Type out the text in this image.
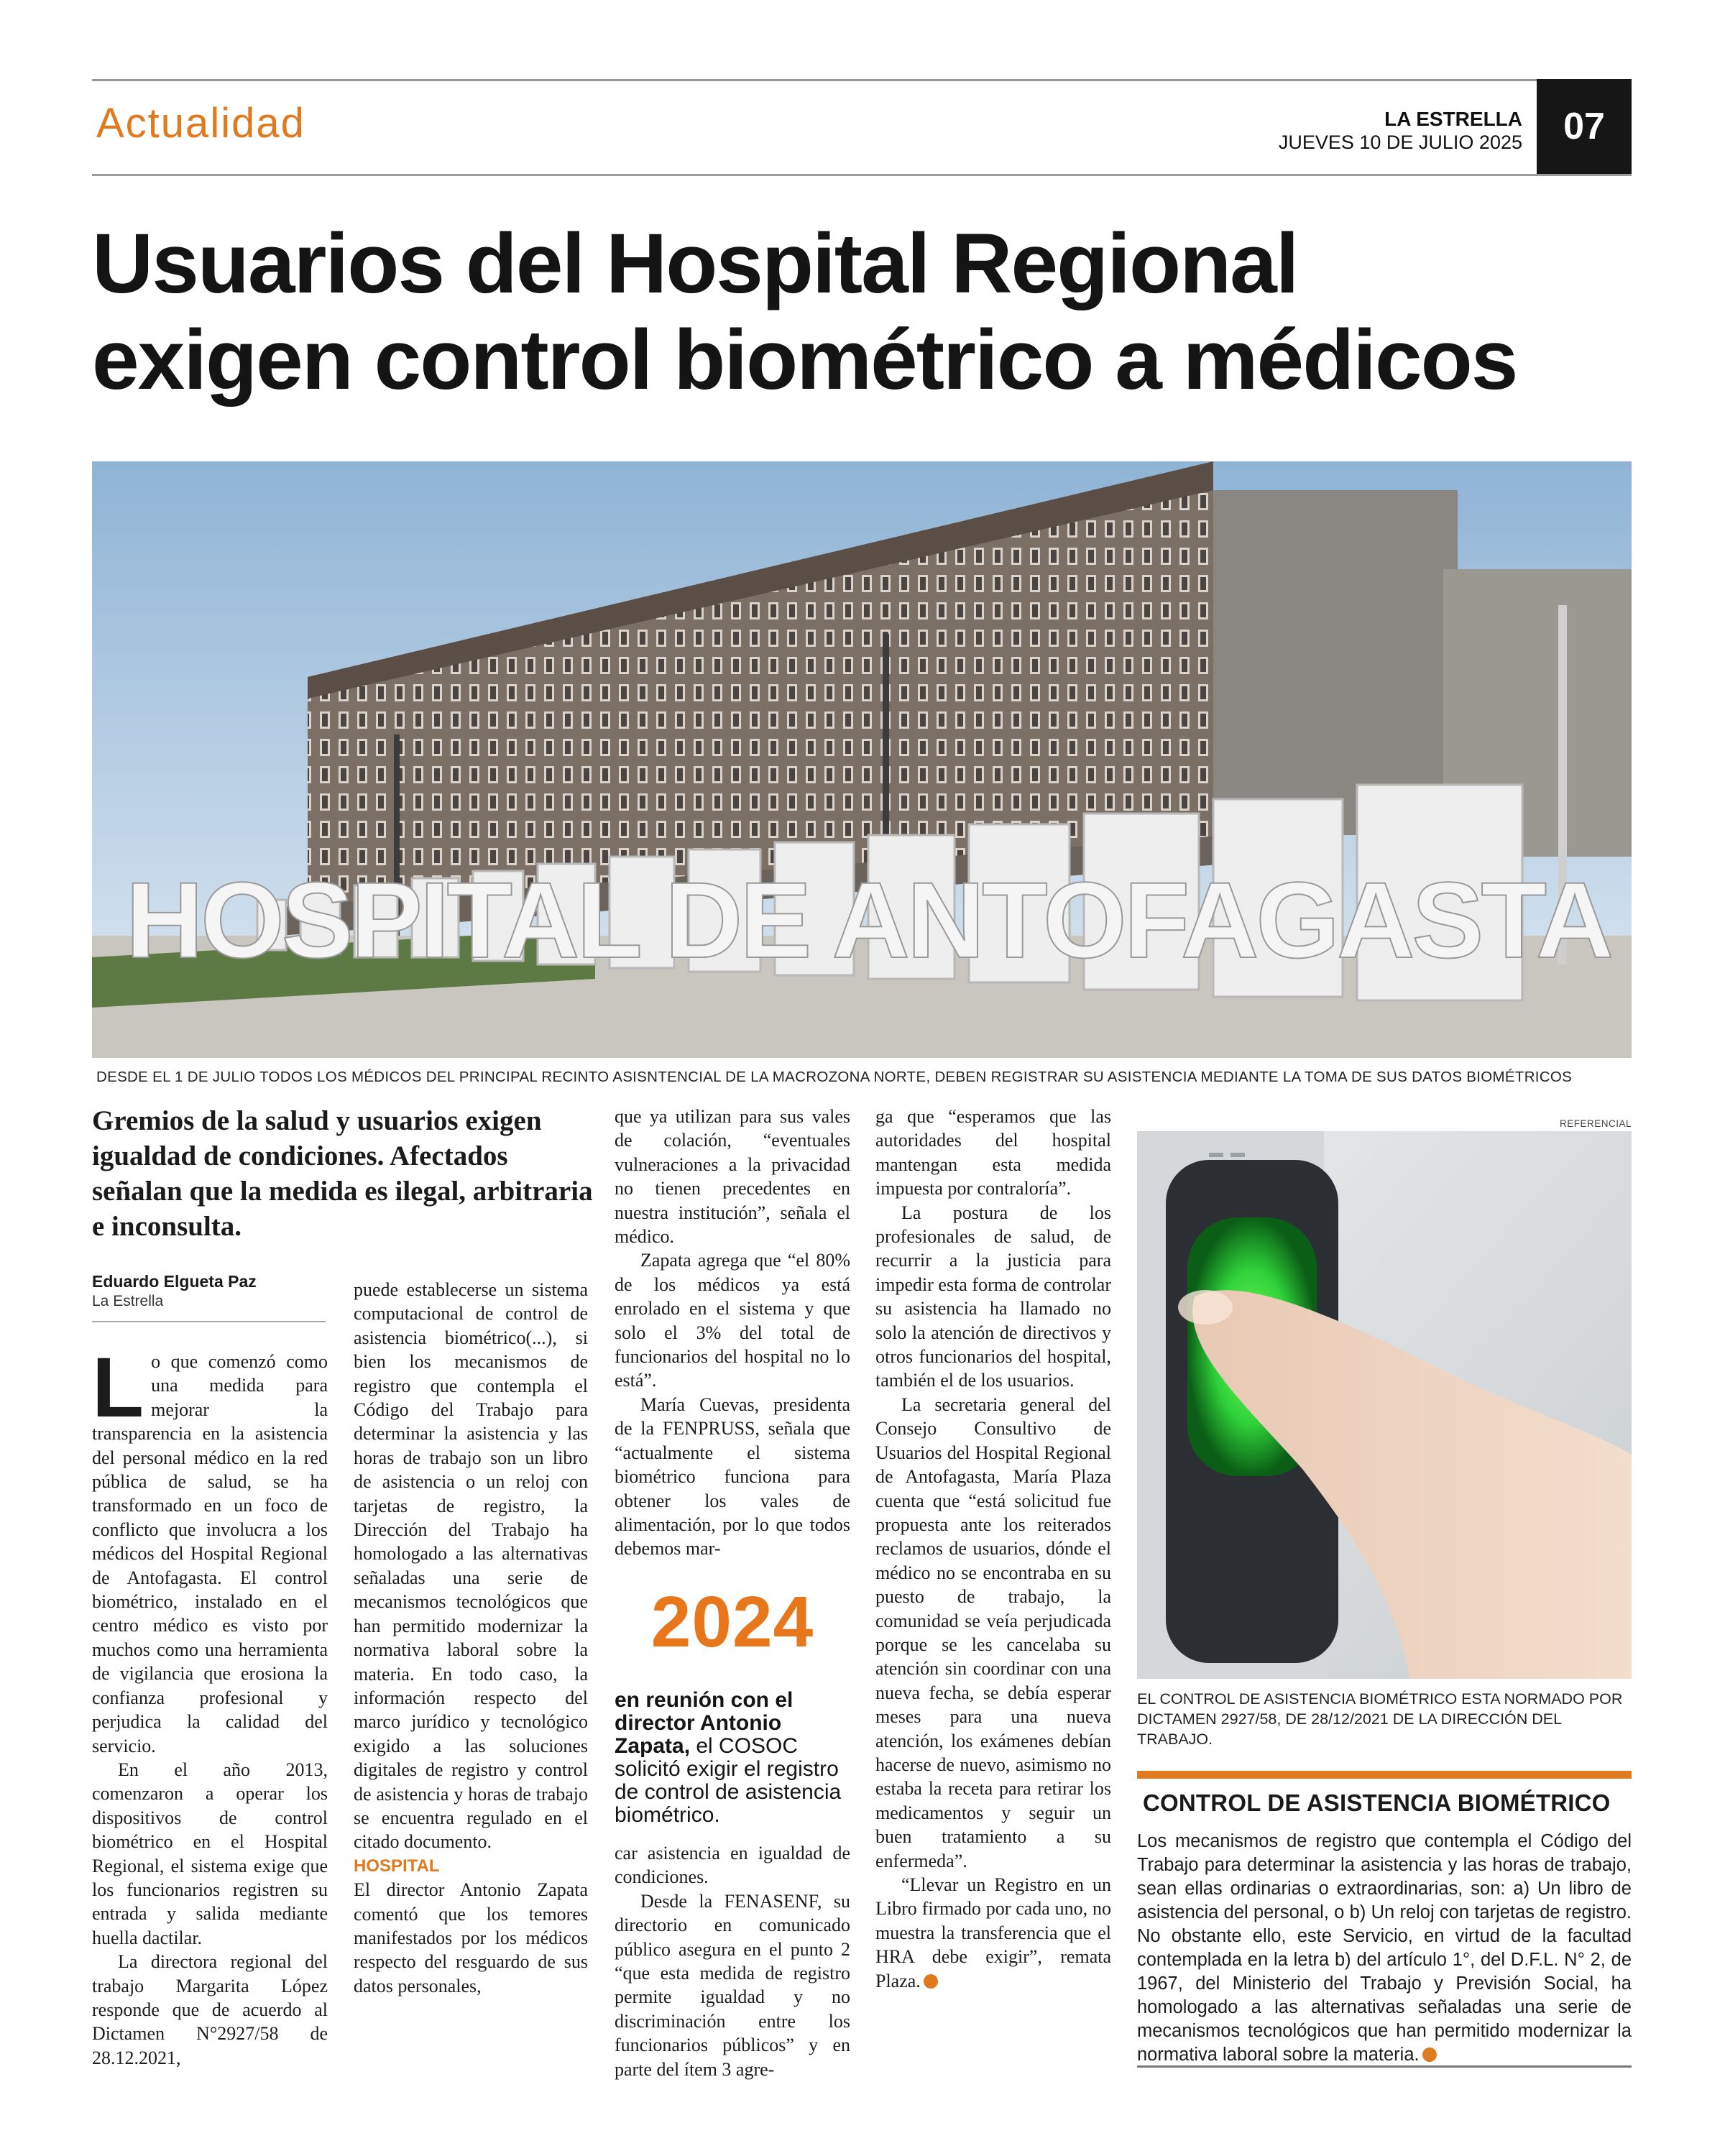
Actualidad	LA ESTRELLA
JUEVES 10 DE JULIO 2025	07
Usuarios del Hospital Regional
exigen control biométrico a médicos
HOSPITAL DE ANTOFAGASTA
DESDE EL 1 DE JULIO TODOS LOS MÉDICOS DEL PRINCIPAL RECINTO ASISNTENCIAL DE LA MACROZONA NORTE, DEBEN REGISTRAR SU ASISTENCIA MEDIANTE LA TOMA DE SUS DATOS BIOMÉTRICOS
Gremios de la salud y usuarios exigen igualdad de condiciones. Afectados señalan que la medida es ilegal, arbitraria e inconsulta.
Eduardo Elgueta Paz
La Estrella

Lo que comenzó como una medida para mejorar la transparencia en la asistencia del personal médico en la red pública de salud, se ha transformado en un foco de conflicto que involucra a los médicos del Hospital Regional de Antofagasta. El control biométrico, instalado en el centro médico es visto por muchos como una herramienta de vigilancia que erosiona la confianza profesional y perjudica la calidad del servicio.

En el año 2013, comenzaron a operar los dispositivos de control biométrico en el Hospital Regional, el sistema exige que los funcionarios registren su entrada y salida mediante huella dactilar.

La directora regional del trabajo Margarita López responde que de acuerdo al Dictamen N°2927/58 de 28.12.2021,

puede establecerse un sistema computacional de control de asistencia biométrico(...), si bien los mecanismos de registro que contempla el Código del Trabajo para determinar la asistencia y las horas de trabajo son un libro de asistencia o un reloj con tarjetas de registro, la Dirección del Trabajo ha homologado a las alternativas señaladas una serie de mecanismos tecnológicos que han permitido modernizar la normativa laboral sobre la materia. En todo caso, la información respecto del marco jurídico y tecnológico exigido a las soluciones digitales de registro y control de asistencia y horas de trabajo se encuentra regulado en el citado documento.

HOSPITAL

El director Antonio Zapata comentó que los temores manifestados por los médicos respecto del resguardo de sus datos personales,

que ya utilizan para sus vales de colación, “eventuales vulneraciones a la privacidad no tienen precedentes en nuestra institución”, señala el médico.

Zapata agrega que “el 80% de los médicos ya está enrolado en el sistema y que solo el 3% del total de funcionarios del hospital no lo está”.

María Cuevas, presidenta de la FENPRUSS, señala que “actualmente el sistema biométrico funciona para obtener los vales de alimentación, por lo que todos debemos mar-

2024
en reunión con el director Antonio Zapata, el COSOC solicitó exigir el registro de control de asistencia biométrico.

car asistencia en igualdad de condiciones.

Desde la FENASENF, su directorio en comunicado público asegura en el punto 2 “que esta medida de registro permite igualdad y no discriminación entre los funcionarios públicos” y en parte del ítem 3 agre-

ga que “esperamos que las autoridades del hospital mantengan esta medida impuesta por contraloría”.

La postura de los profesionales de salud, de recurrir a la justicia para impedir esta forma de controlar su asistencia ha llamado no solo la atención de directivos y otros funcionarios del hospital, también el de los usuarios.

La secretaria general del Consejo Consultivo de Usuarios del Hospital Regional de Antofagasta, María Plaza cuenta que “está solicitud fue propuesta ante los reiterados reclamos de usuarios, dónde el médico no se encontraba en su puesto de trabajo, la comunidad se veía perjudicada porque se les cancelaba su atención sin coordinar con una nueva fecha, se debía esperar meses para una nueva atención, los exámenes debían hacerse de nuevo, asimismo no estaba la receta para retirar los medicamentos y seguir un buen tratamiento a su enfermeda”.

“Llevar un Registro en un Libro firmado por cada uno, no muestra la transferencia que el HRA debe exigir”, remata Plaza.

REFERENCIAL
EL CONTROL DE ASISTENCIA BIOMÉTRICO ESTA NORMADO POR DICTAMEN 2927/58, DE 28/12/2021 DE LA DIRECCIÓN DEL TRABAJO.
CONTROL DE ASISTENCIA BIOMÉTRICO
Los mecanismos de registro que contempla el Código del Trabajo para determinar la asistencia y las horas de trabajo, sean ellas ordinarias o extraordinarias, son: a) Un libro de asistencia del personal, o b) Un reloj con tarjetas de registro. No obstante ello, este Servicio, en virtud de la facultad contemplada en la letra b) del artículo 1°, del D.F.L. N° 2, de 1967, del Ministerio del Trabajo y Previsión Social, ha homologado a las alternativas señaladas una serie de mecanismos tecnológicos que han permitido modernizar la normativa laboral sobre la materia.
